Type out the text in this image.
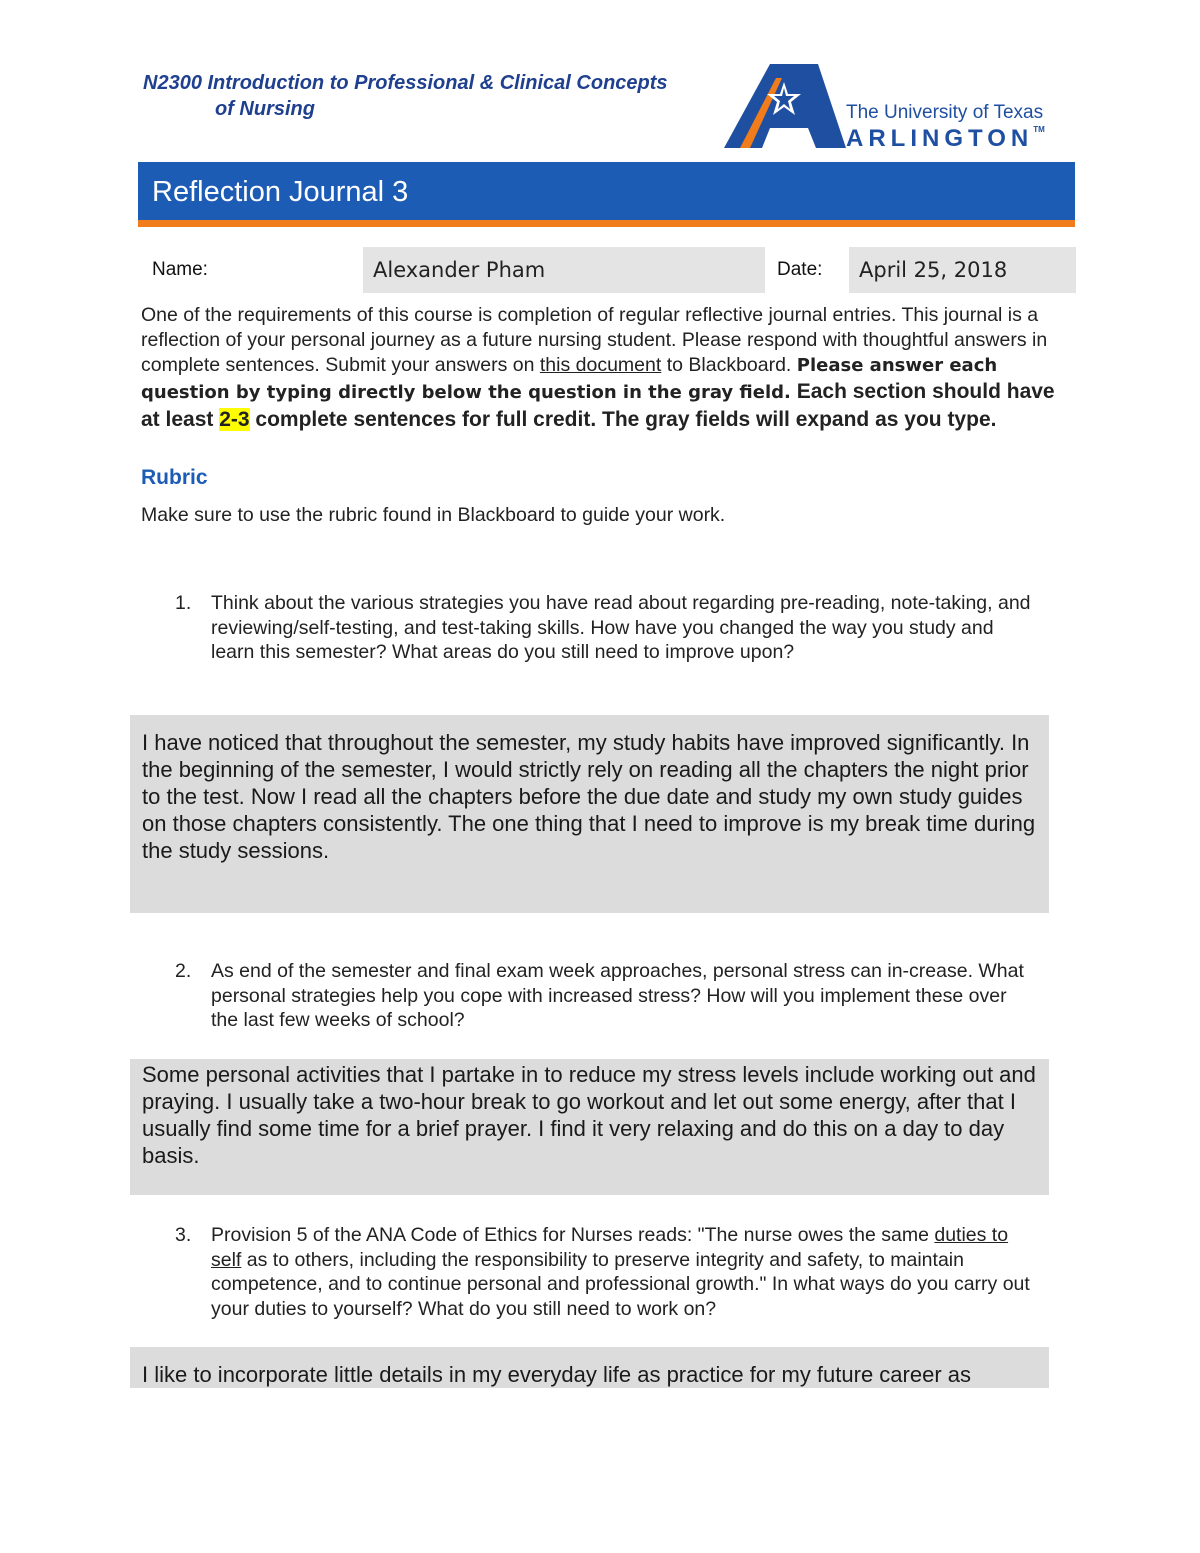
N2300 Introduction to Professional & Clinical Concepts
of Nursing	The University of Texas
ARLINGTON™
Reflection Journal 3
Name:	Alexander Pham	Date:	April 25, 2018

One of the requirements of this course is completion of regular reflective journal entries. This journal is a reflection of your personal journey as a future nursing student. Please respond with thoughtful answers in complete sentences. Submit your answers on this document to Blackboard. Please answer each question by typing directly below the question in the gray field. Each section should have at least 2-3 complete sentences for full credit. The gray fields will expand as you type.

Rubric

Make sure to use the rubric found in Blackboard to guide your work.

1. Think about the various strategies you have read about regarding pre-reading, note-taking, and reviewing/self-testing, and test-taking skills. How have you changed the way you study and learn this semester? What areas do you still need to improve upon?
I have noticed that throughout the semester, my study habits have improved significantly. In the beginning of the semester, I would strictly rely on reading all the chapters the night prior to the test. Now I read all the chapters before the due date and study my own study guides on those chapters consistently. The one thing that I need to improve is my break time during the study sessions.
2. As end of the semester and final exam week approaches, personal stress can in-crease. What personal strategies help you cope with increased stress? How will you implement these over the last few weeks of school?
Some personal activities that I partake in to reduce my stress levels include working out and praying. I usually take a two-hour break to go workout and let out some energy, after that I usually find some time for a brief prayer. I find it very relaxing and do this on a day to day basis.
3. Provision 5 of the ANA Code of Ethics for Nurses reads: "The nurse owes the same duties to self as to others, including the responsibility to preserve integrity and safety, to maintain competence, and to continue personal and professional growth." In what ways do you carry out your duties to yourself? What do you still need to work on?
I like to incorporate little details in my everyday life as practice for my future career as
